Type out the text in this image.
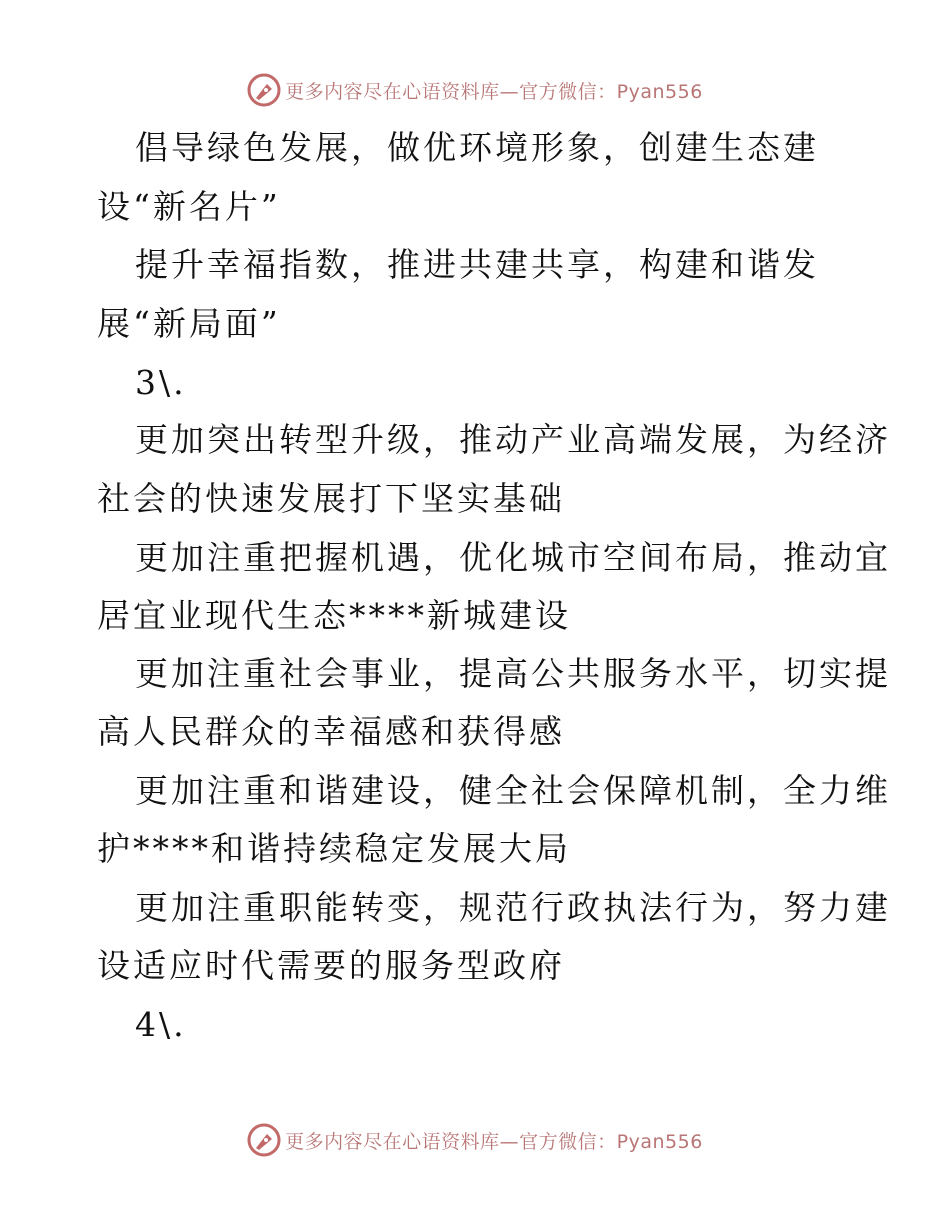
更多内容尽在心语资料库—官方微信：Pyan556
倡导绿色发展，做优环境形象，创建生态建
设“新名片”
提升幸福指数，推进共建共享，构建和谐发
展“新局面”
3\.
更加突出转型升级，推动产业高端发展，为经济
社会的快速发展打下坚实基础
更加注重把握机遇，优化城市空间布局，推动宜
居宜业现代生态****新城建设
更加注重社会事业，提高公共服务水平，切实提
高人民群众的幸福感和获得感
更加注重和谐建设，健全社会保障机制，全力维
护****和谐持续稳定发展大局
更加注重职能转变，规范行政执法行为，努力建
设适应时代需要的服务型政府
4\.
更多内容尽在心语资料库—官方微信：Pyan556
